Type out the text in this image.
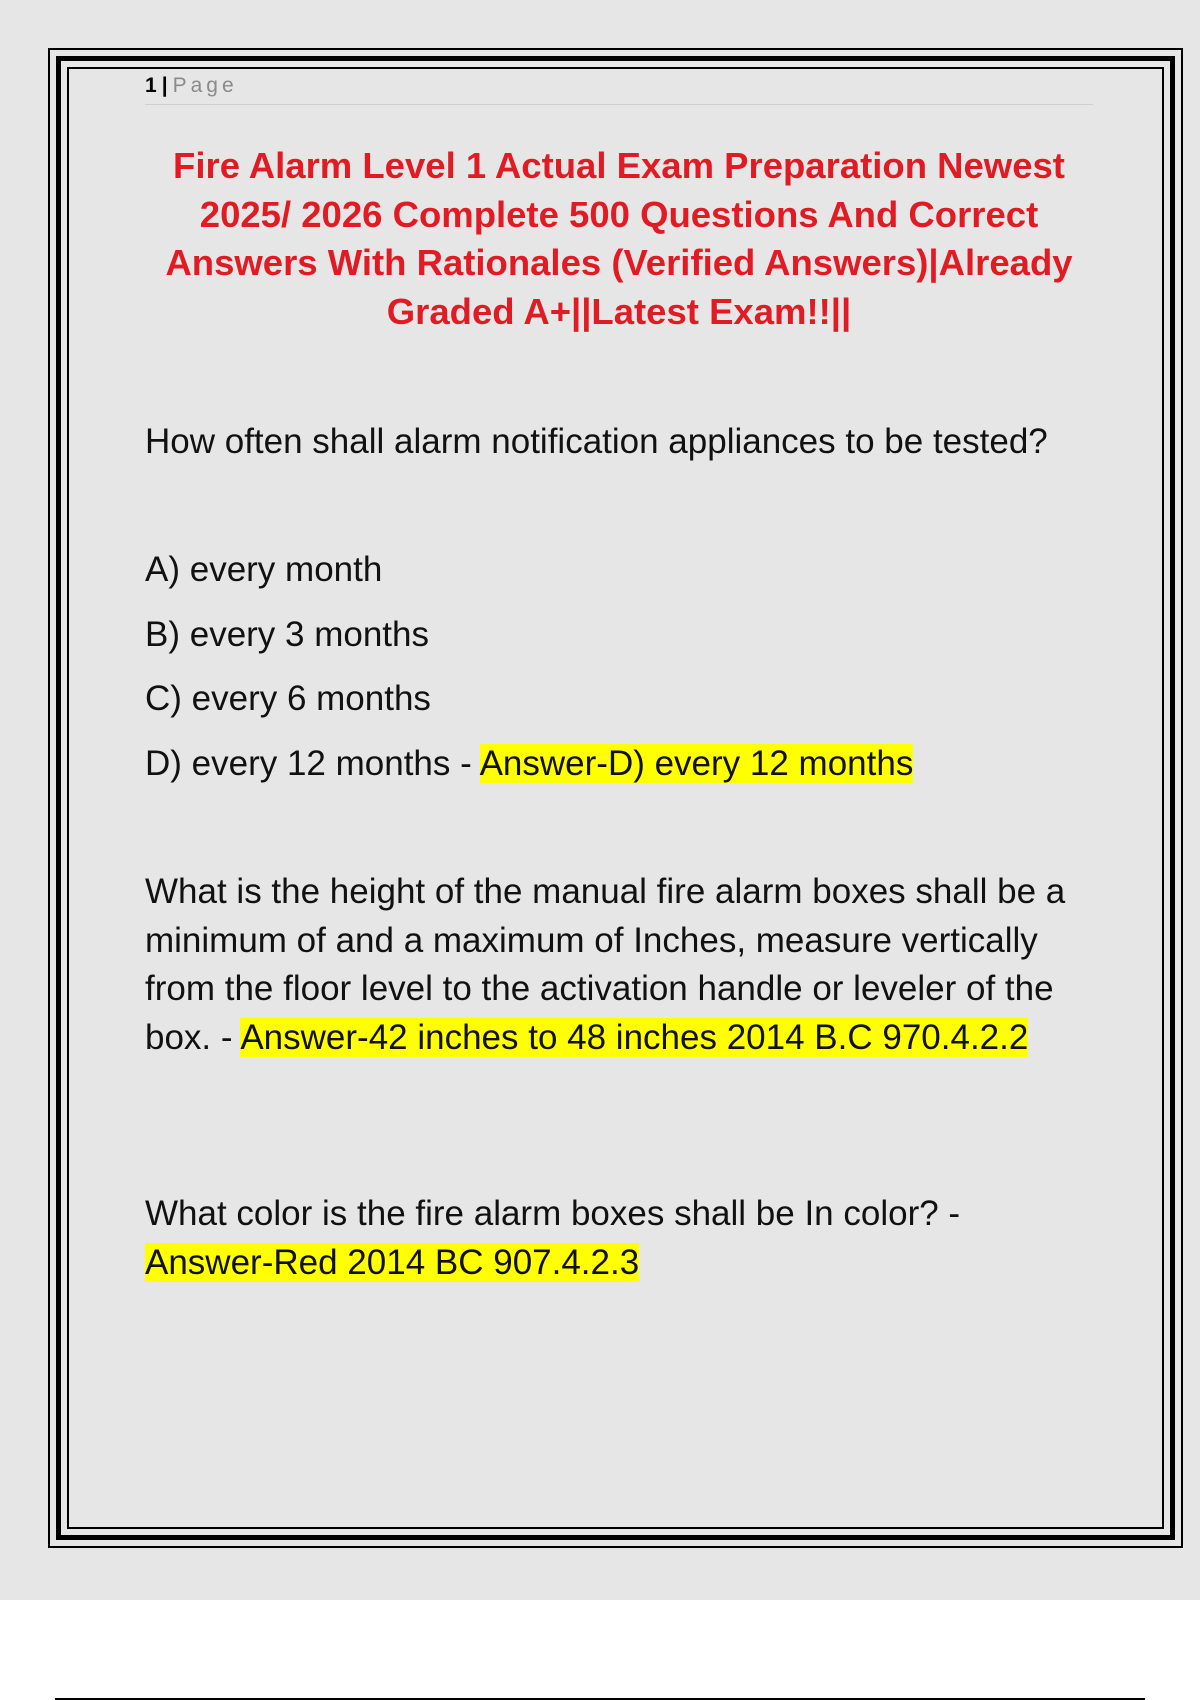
1 | Page
Fire Alarm Level 1 Actual Exam Preparation Newest 2025/ 2026 Complete 500 Questions And Correct Answers With Rationales (Verified Answers)|Already Graded A+||Latest Exam!!||
How often shall alarm notification appliances to be tested?
A) every month
B) every 3 months
C) every 6 months
D) every 12 months - Answer-D) every 12 months
What is the height of the manual fire alarm boxes shall be a minimum of and a maximum of Inches, measure vertically from the floor level to the activation handle or leveler of the box. - Answer-42 inches to 48 inches 2014 B.C 970.4.2.2
What color is the fire alarm boxes shall be In color? - Answer-Red 2014 BC 907.4.2.3
